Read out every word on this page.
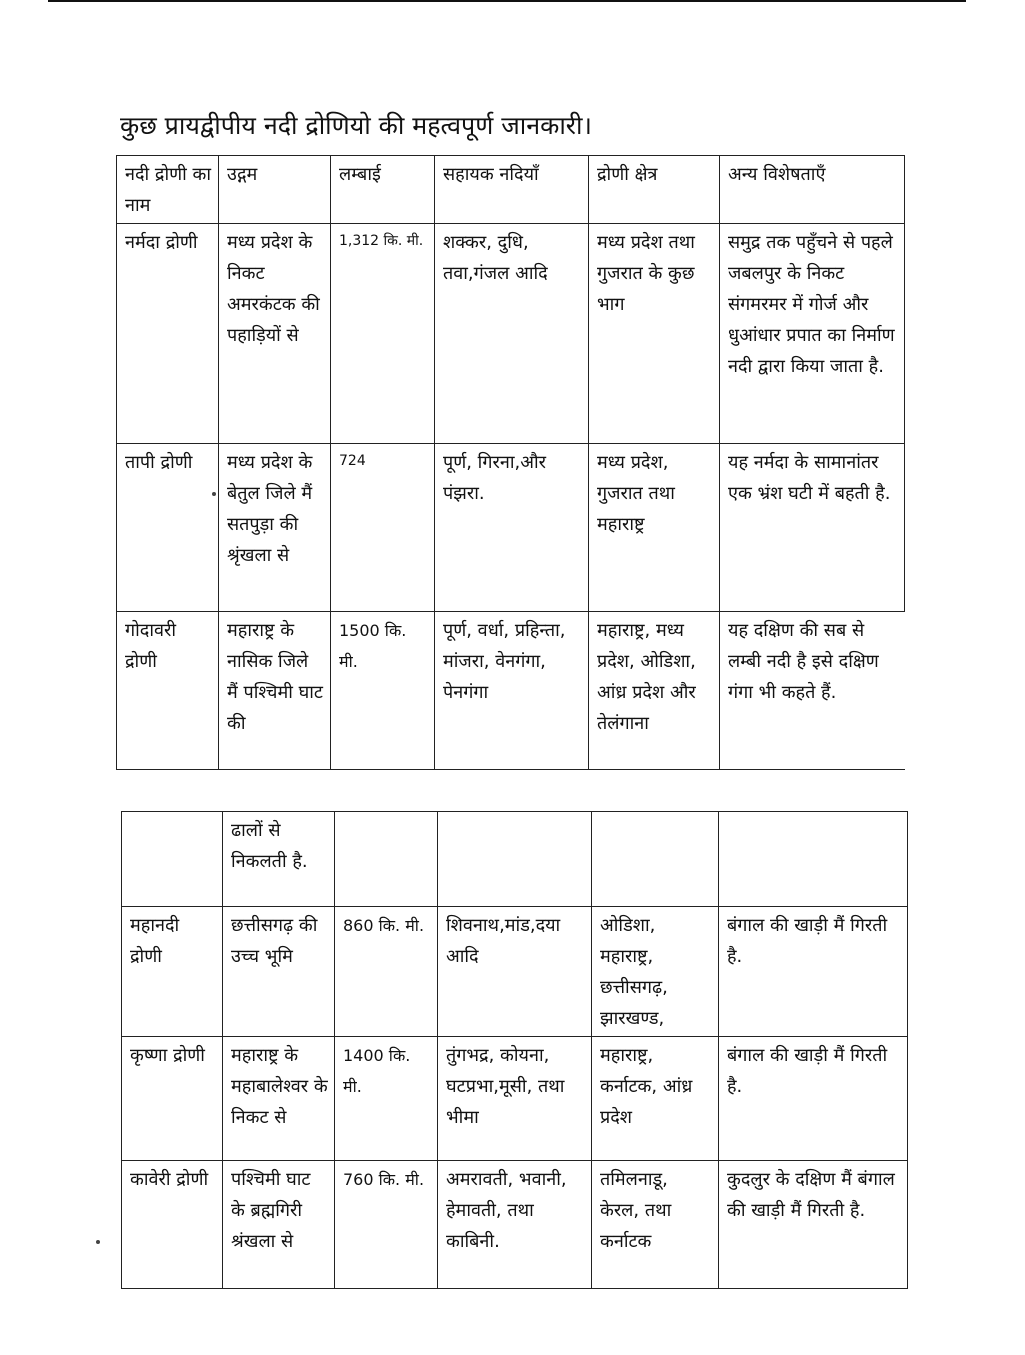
कुछ प्रायद्वीपीय नदी द्रोणियो की महत्वपूर्ण जानकारी।
नदी द्रोणी का नाम	उद्गम	लम्बाई	सहायक नदियाँ	द्रोणी क्षेत्र	अन्य विशेषताएँ
नर्मदा द्रोणी	मध्य प्रदेश के निकट अमरकंटक की पहाड़ियों से	1,312 कि. मी.	शक्कर, दुधि, तवा,गंजल आदि	मध्य प्रदेश तथा गुजरात के कुछ भाग	समुद्र तक पहुँचने से पहले जबलपुर के निकट संगमरमर में गोर्ज और धुआंधार प्रपात का निर्माण नदी द्वारा किया जाता है.
तापी द्रोणी	मध्य प्रदेश के बेतुल जिले मैं सतपुड़ा की श्रृंखला से	724	पूर्ण, गिरना,और पंझरा.	मध्य प्रदेश, गुजरात तथा महाराष्ट्र	यह नर्मदा के सामानांतर एक भ्रंश घटी में बहती है.
गोदावरी द्रोणी	महाराष्ट्र के नासिक जिले मैं पश्चिमी घाट की	1500 कि. मी.	पूर्ण, वर्धा, प्रहिन्ता, मांजरा, वेनगंगा, पेनगंगा	महाराष्ट्र, मध्य प्रदेश, ओडिशा, आंध्र प्रदेश और तेलंगाना	यह दक्षिण की सब से लम्बी नदी है इसे दक्षिण गंगा भी कहते हैं.
	ढालों से निकलती है.				
महानदी द्रोणी	छत्तीसगढ़ की उच्च भूमि	860 कि. मी.	शिवनाथ,मांड,दया आदि	ओडिशा, महाराष्ट्र, छत्तीसगढ़, झारखण्ड,	बंगाल की खाड़ी मैं गिरती है.
कृष्णा द्रोणी	महाराष्ट्र के महाबालेश्वर के निकट से	1400 कि. मी.	तुंगभद्र, कोयना, घटप्रभा,मूसी, तथा भीमा	महाराष्ट्र, कर्नाटक, आंध्र प्रदेश	बंगाल की खाड़ी मैं गिरती है.
कावेरी द्रोणी	पश्चिमी घाट के ब्रह्मगिरी श्रंखला से	760 कि. मी.	अमरावती, भवानी, हेमावती, तथा काबिनी.	तमिलनाडू, केरल, तथा कर्नाटक	कुदलुर के दक्षिण मैं बंगाल की खाड़ी मैं गिरती है.
